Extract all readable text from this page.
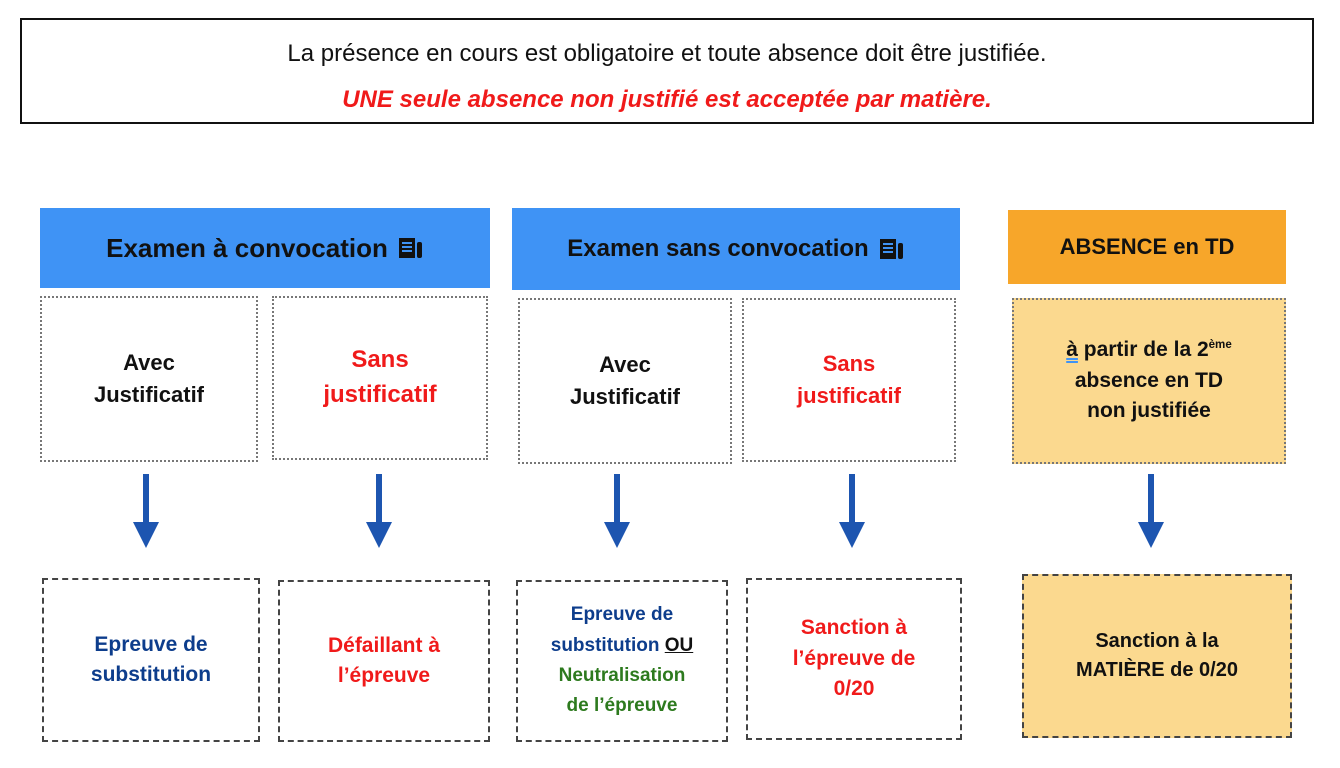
La présence en cours est obligatoire et toute absence doit être justifiée.
UNE seule absence non justifié est acceptée par matière.
Examen à convocation	Examen sans convocation	ABSENCE en TD
Avec
Justificatif
Sans
justificatif
Avec
Justificatif
Sans
justificatif
à partir de la 2ème
absence en TD
non justifiée
Epreuve de
substitution
Défaillant à
l’épreuve
Epreuve de
substitution OU
Neutralisation
de l’épreuve
Sanction à
l’épreuve de
0/20
Sanction à la
MATIÈRE de 0/20
